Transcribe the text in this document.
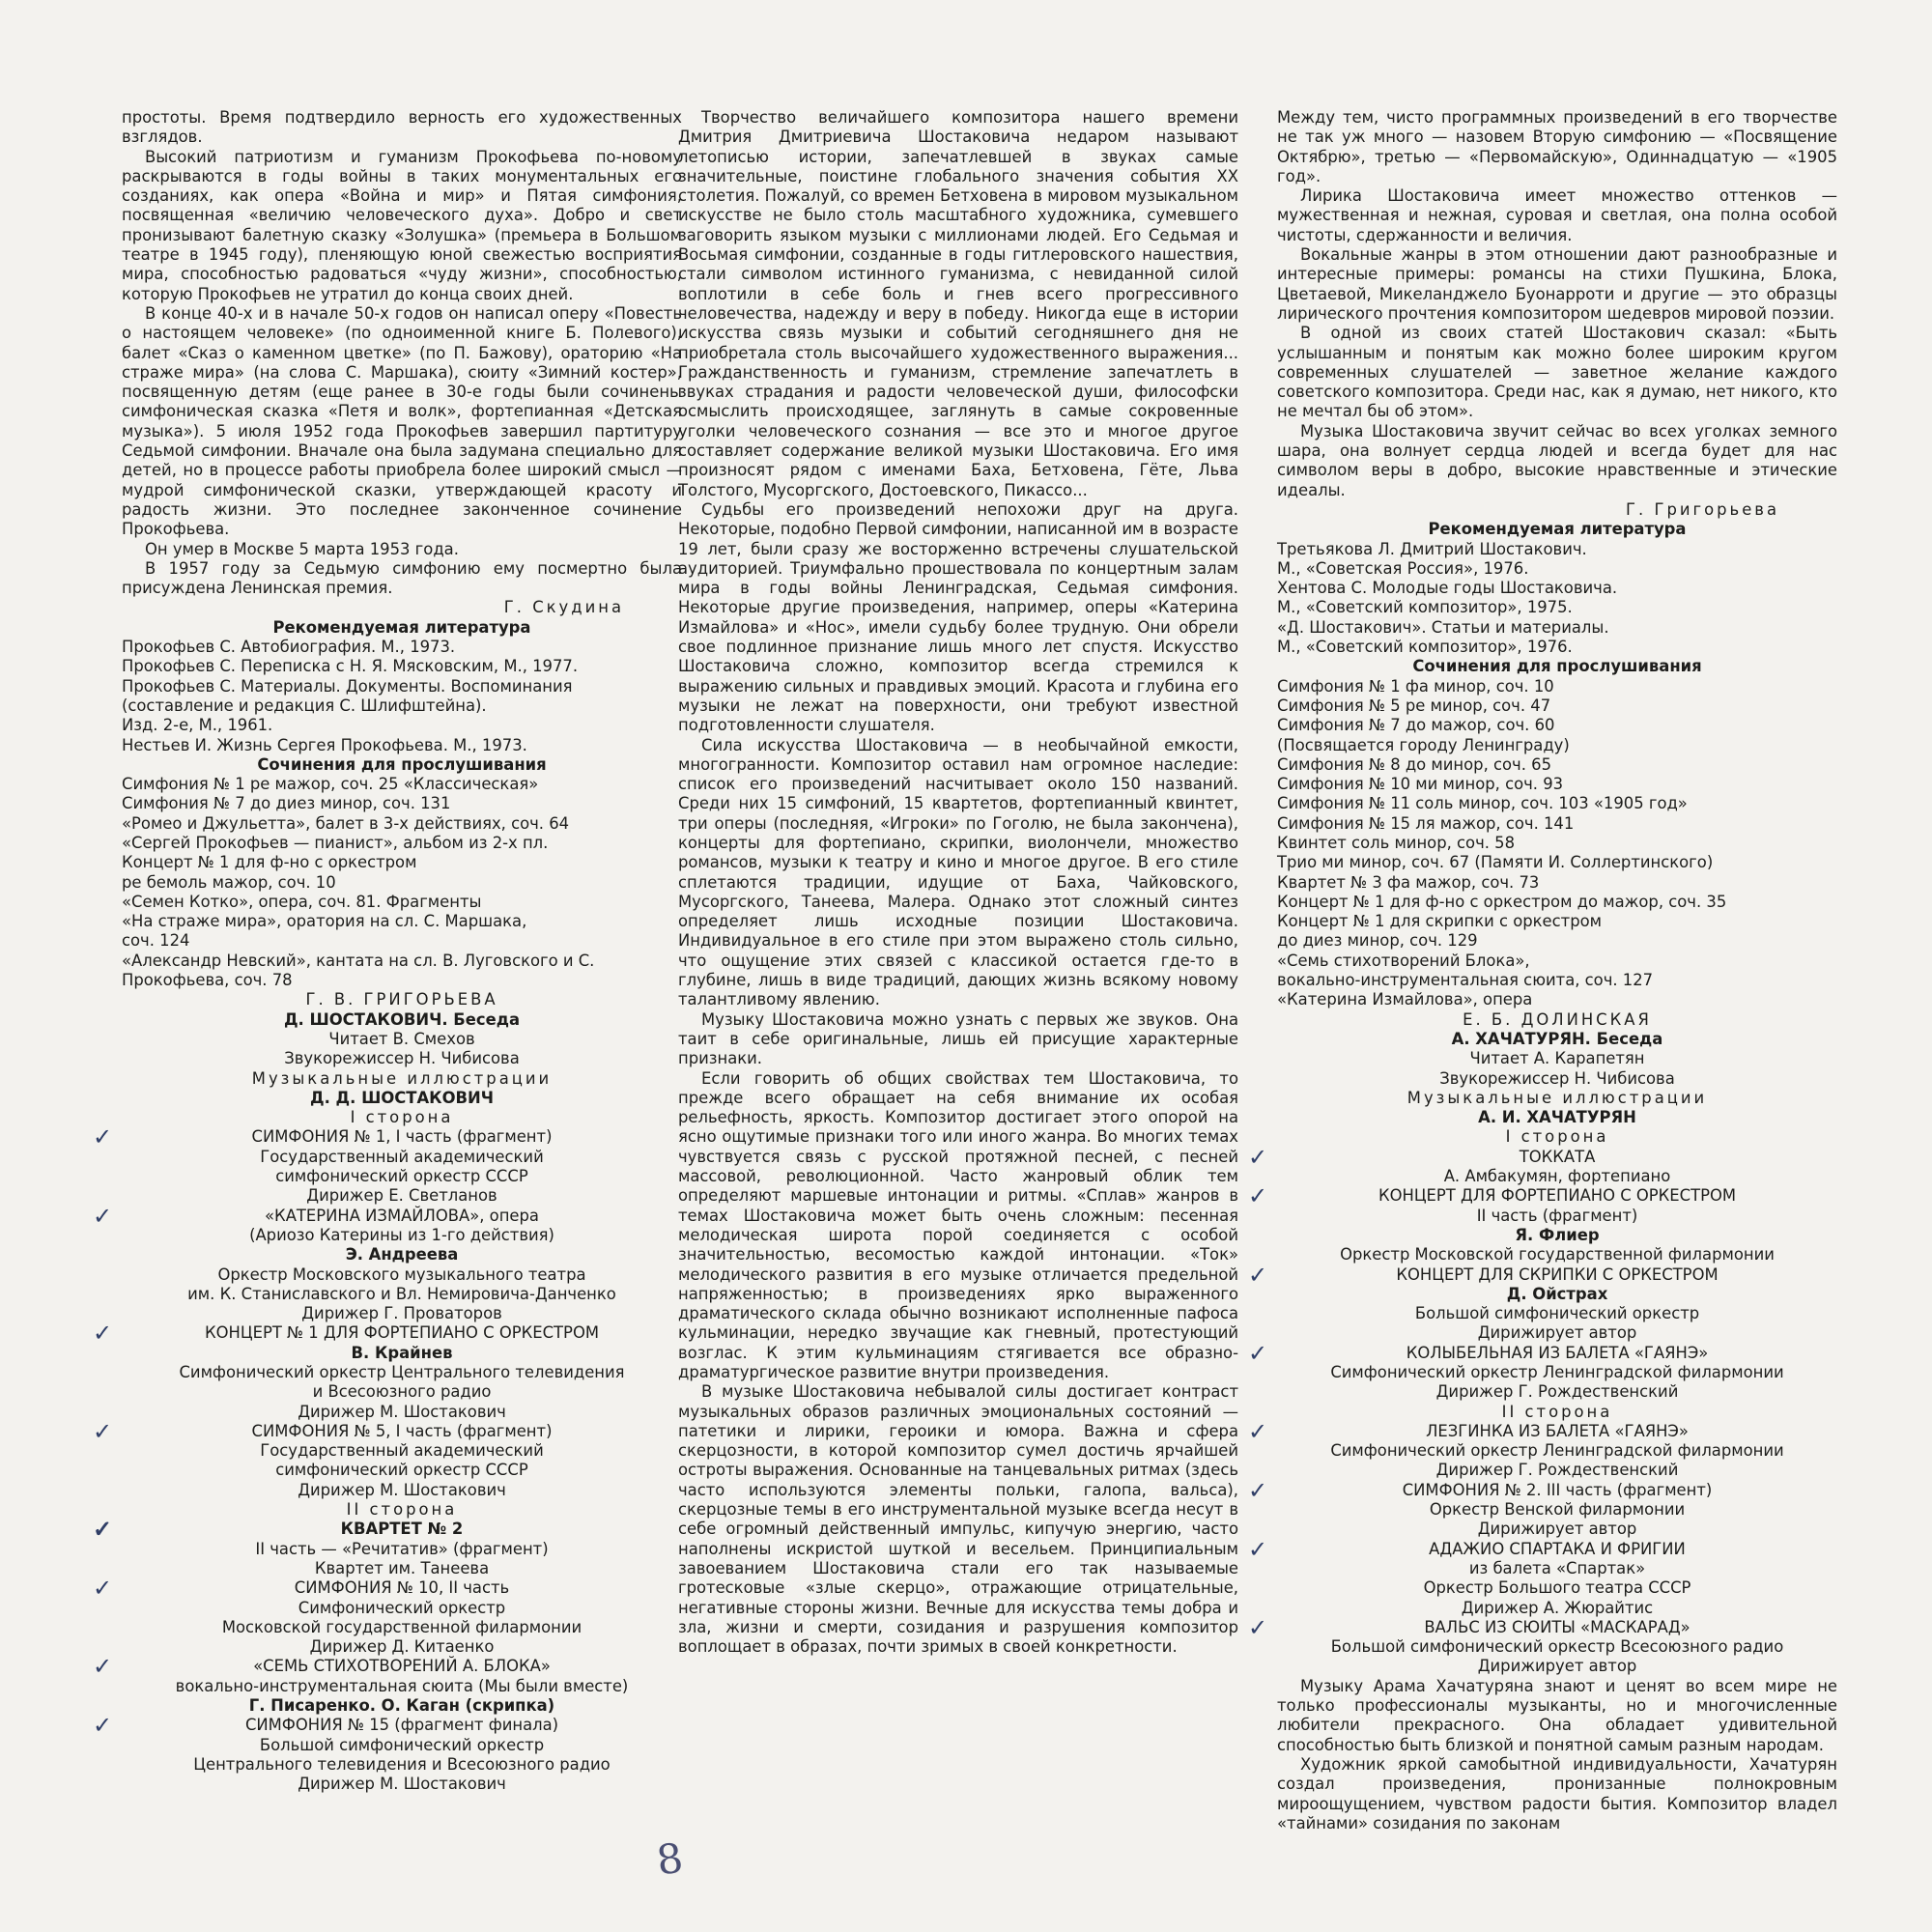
простоты. Время подтвердило верность его художественных взглядов.

Высокий патриотизм и гуманизм Прокофьева по-новому раскрываются в годы войны в таких монументальных его созданиях, как опера «Война и мир» и Пятая симфония, посвященная «величию человеческого духа». Добро и свет пронизывают балетную сказку «Золушка» (премьера в Большом театре в 1945 году), пленяющую юной свежестью восприятия мира, способностью радоваться «чуду жизни», способностью, которую Прокофьев не утратил до конца своих дней.

В конце 40-х и в начале 50-х годов он написал оперу «Повесть о настоящем человеке» (по одноименной книге Б. Полевого), балет «Сказ о каменном цветке» (по П. Бажову), ораторию «На страже мира» (на слова С. Маршака), сюиту «Зимний костер», посвященную детям (еще ранее в 30-е годы были сочинены симфоническая сказка «Петя и волк», фортепианная «Детская музыка»). 5 июля 1952 года Прокофьев завершил партитуру Седьмой симфонии. Вначале она была задумана специально для детей, но в процессе работы приобрела более широкий смысл — мудрой симфонической сказки, утверждающей красоту и радость жизни. Это последнее законченное сочинение Прокофьева.

Он умер в Москве 5 марта 1953 года.

В 1957 году за Седьмую симфонию ему посмертно была присуждена Ленинская премия.

Г. Скудина

Рекомендуемая литература

Прокофьев С. Автобиография. М., 1973.

Прокофьев С. Переписка с Н. Я. Мясковским, М., 1977.

Прокофьев С. Материалы. Документы. Воспоминания (составление и редакция С. Шлифштейна).

Изд. 2-е, М., 1961.

Нестьев И. Жизнь Сергея Прокофьева. М., 1973.

Сочинения для прослушивания

Симфония № 1 ре мажор, соч. 25 «Классическая»

Симфония № 7 до диез минор, соч. 131

«Ромео и Джульетта», балет в 3-х действиях, соч. 64

«Сергей Прокофьев — пианист», альбом из 2-х пл.

Концерт № 1 для ф-но с оркестром

ре бемоль мажор, соч. 10

«Семен Котко», опера, соч. 81. Фрагменты

«На страже мира», оратория на сл. С. Маршака,

соч. 124

«Александр Невский», кантата на сл. В. Луговского и С. Прокофьева, соч. 78

Г. В. ГРИГОРЬЕВА

Д. ШОСТАКОВИЧ. Беседа

Читает В. Смехов

Звукорежиссер Н. Чибисова

Музыкальные иллюстрации

Д. Д. ШОСТАКОВИЧ

I сторона

✓	СИМФОНИЯ № 1, I часть (фрагмент)

Государственный академический

симфонический оркестр СССР

Дирижер Е. Светланов

✓	«КАТЕРИНА ИЗМАЙЛОВА», опера

(Ариозо Катерины из 1-го действия)

Э. Андреева

Оркестр Московского музыкального театра

им. К. Станиславского и Вл. Немировича-Данченко

Дирижер Г. Проваторов

✓	КОНЦЕРТ № 1 ДЛЯ ФОРТЕПИАНО С ОРКЕСТРОМ

В. Крайнев

Симфонический оркестр Центрального телевидения

и Всесоюзного радио

Дирижер М. Шостакович

✓	СИМФОНИЯ № 5, I часть (фрагмент)

Государственный академический

симфонический оркестр СССР

Дирижер М. Шостакович

II сторона

✓	КВАРТЕТ № 2

II часть — «Речитатив» (фрагмент)

Квартет им. Танеева

✓	СИМФОНИЯ № 10, II часть

Симфонический оркестр

Московской государственной филармонии

Дирижер Д. Китаенко

✓	«СЕМЬ СТИХОТВОРЕНИЙ А. БЛОКА»

вокально-инструментальная сюита (Мы были вместе)

Г. Писаренко. О. Каган (скрипка)

✓	СИМФОНИЯ № 15 (фрагмент финала)

Большой симфонический оркестр

Центрального телевидения и Всесоюзного радио

Дирижер М. Шостакович

Творчество величайшего композитора нашего времени Дмитрия Дмитриевича Шостаковича недаром называют летописью истории, запечатлевшей в звуках самые значительные, поистине глобального значения события XX столетия. Пожалуй, со времен Бетховена в мировом музыкальном искусстве не было столь масштабного художника, сумевшего заговорить языком музыки с миллионами людей. Его Седьмая и Восьмая симфонии, созданные в годы гитлеровского нашествия, стали символом истинного гуманизма, с невиданной силой воплотили в себе боль и гнев всего прогрессивного человечества, надежду и веру в победу. Никогда еще в истории искусства связь музыки и событий сегодняшнего дня не приобретала столь высочайшего художественного выражения... Гражданственность и гуманизм, стремление запечатлеть в звуках страдания и радости человеческой души, философски осмыслить происходящее, заглянуть в самые сокровенные уголки человеческого сознания — все это и многое другое составляет содержание великой музыки Шостаковича. Его имя произносят рядом с именами Баха, Бетховена, Гёте, Льва Толстого, Мусоргского, Достоевского, Пикассо...

Судьбы его произведений непохожи друг на друга. Некоторые, подобно Первой симфонии, написанной им в возрасте 19 лет, были сразу же восторженно встречены слушательской аудиторией. Триумфально прошествовала по концертным залам мира в годы войны Ленинградская, Седьмая симфония. Некоторые другие произведения, например, оперы «Катерина Измайлова» и «Нос», имели судьбу более трудную. Они обрели свое подлинное признание лишь много лет спустя. Искусство Шостаковича сложно, композитор всегда стремился к выражению сильных и правдивых эмоций. Красота и глубина его музыки не лежат на поверхности, они требуют известной подготовленности слушателя.

Сила искусства Шостаковича — в необычайной емкости, многогранности. Композитор оставил нам огромное наследие: список его произведений насчитывает около 150 названий. Среди них 15 симфоний, 15 квартетов, фортепианный квинтет, три оперы (последняя, «Игроки» по Гоголю, не была закончена), концерты для фортепиано, скрипки, виолончели, множество романсов, музыки к театру и кино и многое другое. В его стиле сплетаются традиции, идущие от Баха, Чайковского, Мусоргского, Танеева, Малера. Однако этот сложный синтез определяет лишь исходные позиции Шостаковича. Индивидуальное в его стиле при этом выражено столь сильно, что ощущение этих связей с классикой остается где-то в глубине, лишь в виде традиций, дающих жизнь всякому новому талантливому явлению.

Музыку Шостаковича можно узнать с первых же звуков. Она таит в себе оригинальные, лишь ей присущие характерные признаки.

Если говорить об общих свойствах тем Шостаковича, то прежде всего обращает на себя внимание их особая рельефность, яркость. Композитор достигает этого опорой на ясно ощутимые признаки того или иного жанра. Во многих темах чувствуется связь с русской протяжной песней, с песней массовой, революционной. Часто жанровый облик тем определяют маршевые интонации и ритмы. «Сплав» жанров в темах Шостаковича может быть очень сложным: песенная мелодическая широта порой соединяется с особой значительностью, весомостью каждой интонации. «Ток» мелодического развития в его музыке отличается предельной напряженностью; в произведениях ярко выраженного драматического склада обычно возникают исполненные пафоса кульминации, нередко звучащие как гневный, протестующий возглас. К этим кульминациям стягивается все образно-драматургическое развитие внутри произведения.

В музыке Шостаковича небывалой силы достигает контраст музыкальных образов различных эмоциональных состояний — патетики и лирики, героики и юмора. Важна и сфера скерцозности, в которой композитор сумел достичь ярчайшей остроты выражения. Основанные на танцевальных ритмах (здесь часто используются элементы польки, галопа, вальса), скерцозные темы в его инструментальной музыке всегда несут в себе огромный действенный импульс, кипучую энергию, часто наполнены искристой шуткой и весельем. Принципиальным завоеванием Шостаковича стали его так называемые гротесковые «злые скерцо», отражающие отрицательные, негативные стороны жизни. Вечные для искусства темы добра и зла, жизни и смерти, созидания и разрушения композитор воплощает в образах, почти зримых в своей конкретности.

Между тем, чисто программных произведений в его творчестве не так уж много — назовем Вторую симфонию — «Посвящение Октябрю», третью — «Первомайскую», Одиннадцатую — «1905 год».

Лирика Шостаковича имеет множество оттенков — мужественная и нежная, суровая и светлая, она полна особой чистоты, сдержанности и величия.

Вокальные жанры в этом отношении дают разнообразные и интересные примеры: романсы на стихи Пушкина, Блока, Цветаевой, Микеланджело Буонарроти и другие — это образцы лирического прочтения композитором шедевров мировой поэзии.

В одной из своих статей Шостакович сказал: «Быть услышанным и понятым как можно более широким кругом современных слушателей — заветное желание каждого советского композитора. Среди нас, как я думаю, нет никого, кто не мечтал бы об этом».

Музыка Шостаковича звучит сейчас во всех уголках земного шара, она волнует сердца людей и всегда будет для нас символом веры в добро, высокие нравственные и этические идеалы.

Г. Григорьева

Рекомендуемая литература

Третьякова Л. Дмитрий Шостакович.

М., «Советская Россия», 1976.

Хентова С. Молодые годы Шостаковича.

М., «Советский композитор», 1975.

«Д. Шостакович». Статьи и материалы.

М., «Советский композитор», 1976.

Сочинения для прослушивания

Симфония № 1 фа минор, соч. 10

Симфония № 5 ре минор, соч. 47

Симфония № 7 до мажор, соч. 60

(Посвящается городу Ленинграду)

Симфония № 8 до минор, соч. 65

Симфония № 10 ми минор, соч. 93

Симфония № 11 соль минор, соч. 103 «1905 год»

Симфония № 15 ля мажор, соч. 141

Квинтет соль минор, соч. 58

Трио ми минор, соч. 67 (Памяти И. Соллертинского)

Квартет № 3 фа мажор, соч. 73

Концерт № 1 для ф-но с оркестром до мажор, соч. 35

Концерт № 1 для скрипки с оркестром

до диез минор, соч. 129

«Семь стихотворений Блока»,

вокально-инструментальная сюита, соч. 127

«Катерина Измайлова», опера

Е. Б. ДОЛИНСКАЯ

А. ХАЧАТУРЯН. Беседа

Читает А. Карапетян

Звукорежиссер Н. Чибисова

Музыкальные иллюстрации

А. И. ХАЧАТУРЯН

I сторона

✓	ТОККАТА

А. Амбакумян, фортепиано

✓	КОНЦЕРТ ДЛЯ ФОРТЕПИАНО С ОРКЕСТРОМ

II часть (фрагмент)

Я. Флиер

Оркестр Московской государственной филармонии

✓	КОНЦЕРТ ДЛЯ СКРИПКИ С ОРКЕСТРОМ

Д. Ойстрах

Большой симфонический оркестр

Дирижирует автор

✓	КОЛЫБЕЛЬНАЯ ИЗ БАЛЕТА «ГАЯНЭ»

Симфонический оркестр Ленинградской филармонии

Дирижер Г. Рождественский

II сторона

✓	ЛЕЗГИНКА ИЗ БАЛЕТА «ГАЯНЭ»

Симфонический оркестр Ленинградской филармонии

Дирижер Г. Рождественский

✓	СИМФОНИЯ № 2. III часть (фрагмент)

Оркестр Венской филармонии

Дирижирует автор

✓	АДАЖИО СПАРТАКА И ФРИГИИ

из балета «Спартак»

Оркестр Большого театра СССР

Дирижер А. Жюрайтис

✓	ВАЛЬС ИЗ СЮИТЫ «МАСКАРАД»

Большой симфонический оркестр Всесоюзного радио

Дирижирует автор

Музыку Арама Хачатуряна знают и ценят во всем мире не только профессионалы музыканты, но и многочисленные любители прекрасного. Она обладает удивительной способностью быть близкой и понятной самым разным народам.

Художник яркой самобытной индивидуальности, Хачатурян создал произведения, пронизанные полнокровным мироощущением, чувством радости бытия. Композитор владел «тайнами» созидания по законам

8
